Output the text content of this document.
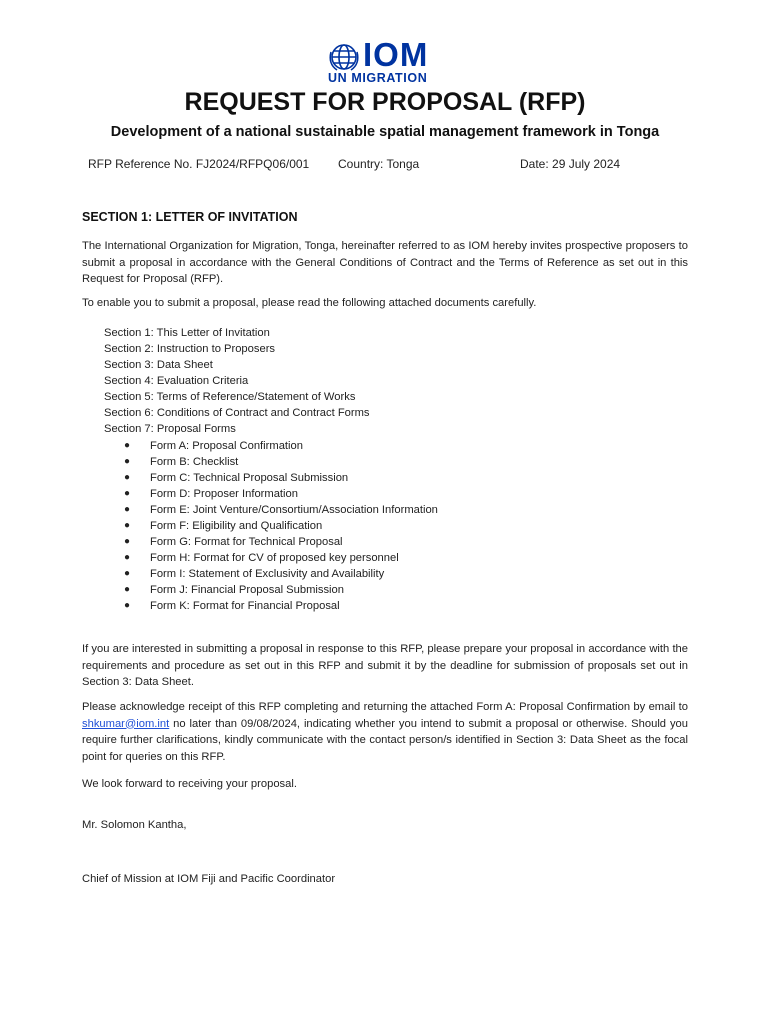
IOM
UN MIGRATION
REQUEST FOR PROPOSAL (RFP)
Development of a national sustainable spatial management framework in Tonga
RFP Reference No. FJ2024/RFPQ06/001 Country: Tonga	Date: 29 July 2024
SECTION 1: LETTER OF INVITATION
The International Organization for Migration, Tonga, hereinafter referred to as IOM hereby invites prospective proposers to submit a proposal in accordance with the General Conditions of Contract and the Terms of Reference as set out in this Request for Proposal (RFP).
To enable you to submit a proposal, please read the following attached documents carefully.
Section 1: This Letter of Invitation
Section 2: Instruction to Proposers
Section 3: Data Sheet
Section 4: Evaluation Criteria
Section 5: Terms of Reference/Statement of Works
Section 6: Conditions of Contract and Contract Forms
Section 7: Proposal Forms
● Form A: Proposal Confirmation
● Form B: Checklist
● Form C: Technical Proposal Submission
● Form D: Proposer Information
● Form E: Joint Venture/Consortium/Association Information
● Form F: Eligibility and Qualification
● Form G: Format for Technical Proposal
● Form H: Format for CV of proposed key personnel
● Form I: Statement of Exclusivity and Availability
● Form J: Financial Proposal Submission
● Form K: Format for Financial Proposal
If you are interested in submitting a proposal in response to this RFP, please prepare your proposal in accordance with the requirements and procedure as set out in this RFP and submit it by the deadline for submission of proposals set out in Section 3: Data Sheet.
Please acknowledge receipt of this RFP completing and returning the attached Form A: Proposal Confirmation by email to shkumar@iom.int no later than 09/08/2024, indicating whether you intend to submit a proposal or otherwise. Should you require further clarifications, kindly communicate with the contact person/s identified in Section 3: Data Sheet as the focal point for queries on this RFP.
We look forward to receiving your proposal.
Mr. Solomon Kantha,
Chief of Mission at IOM Fiji and Pacific Coordinator
